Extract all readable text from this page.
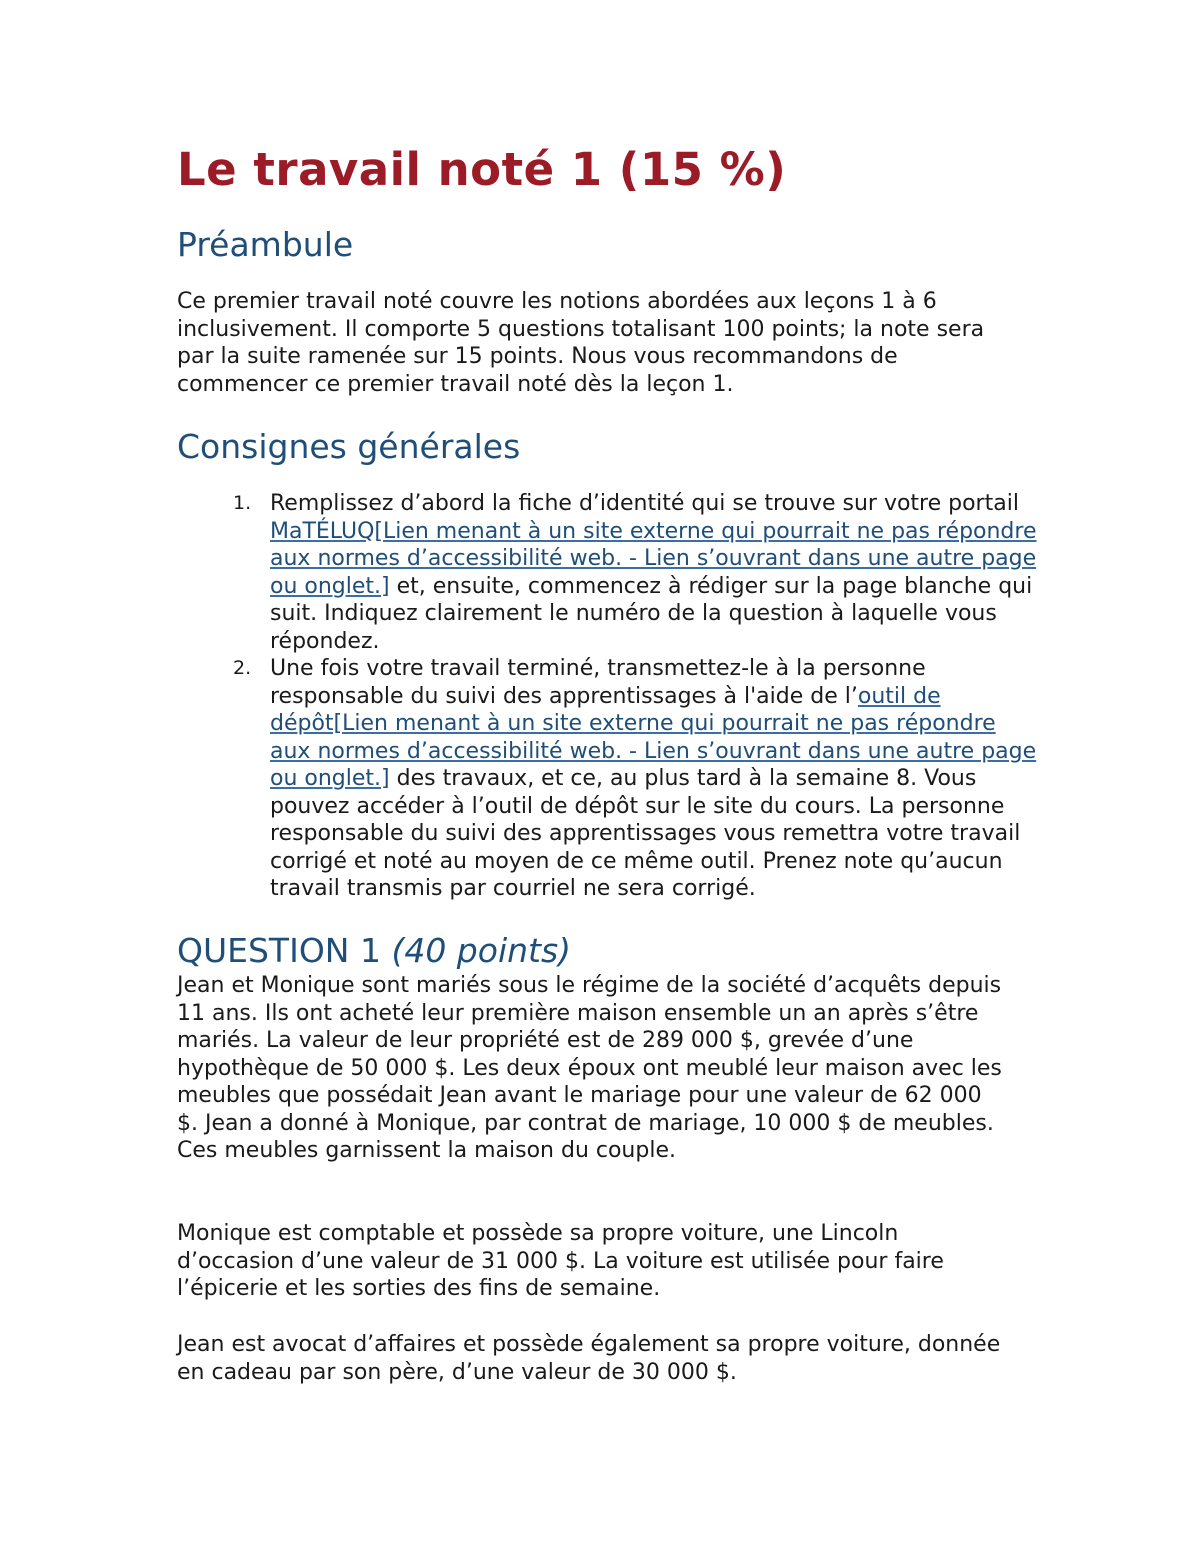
Le travail noté 1 (15 %)
Préambule

Ce premier travail noté couvre les notions abordées aux leçons 1 à 6 inclusivement. Il comporte 5 questions totalisant 100 points; la note sera par la suite ramenée sur 15 points. Nous vous recommandons de commencer ce premier travail noté dès la leçon 1.

Consignes générales
1. Remplissez d’abord la fiche d’identité qui se trouve sur votre portail MaTÉLUQ[Lien menant à un site externe qui pourrait ne pas répondre aux normes d’accessibilité web. - Lien s’ouvrant dans une autre page ou onglet.] et, ensuite, commencez à rédiger sur la page blanche qui suit. Indiquez clairement le numéro de la question à laquelle vous répondez.
2. Une fois votre travail terminé, transmettez-le à la personne responsable du suivi des apprentissages à l'aide de l’outil de dépôt[Lien menant à un site externe qui pourrait ne pas répondre aux normes d’accessibilité web. - Lien s’ouvrant dans une autre page ou onglet.] des travaux, et ce, au plus tard à la semaine 8. Vous pouvez accéder à l’outil de dépôt sur le site du cours. La personne responsable du suivi des apprentissages vous remettra votre travail corrigé et noté au moyen de ce même outil. Prenez note qu’aucun travail transmis par courriel ne sera corrigé.
QUESTION 1 (40 points)

Jean et Monique sont mariés sous le régime de la société d’acquêts depuis 11 ans. Ils ont acheté leur première maison ensemble un an après s’être mariés. La valeur de leur propriété est de 289 000 $, grevée d’une hypothèque de 50 000 $. Les deux époux ont meublé leur maison avec les meubles que possédait Jean avant le mariage pour une valeur de 62 000 $. Jean a donné à Monique, par contrat de mariage, 10 000 $ de meubles. Ces meubles garnissent la maison du couple.

Monique est comptable et possède sa propre voiture, une Lincoln d’occasion d’une valeur de 31 000 $. La voiture est utilisée pour faire l’épicerie et les sorties des fins de semaine.

Jean est avocat d’affaires et possède également sa propre voiture, donnée en cadeau par son père, d’une valeur de 30 000 $.
